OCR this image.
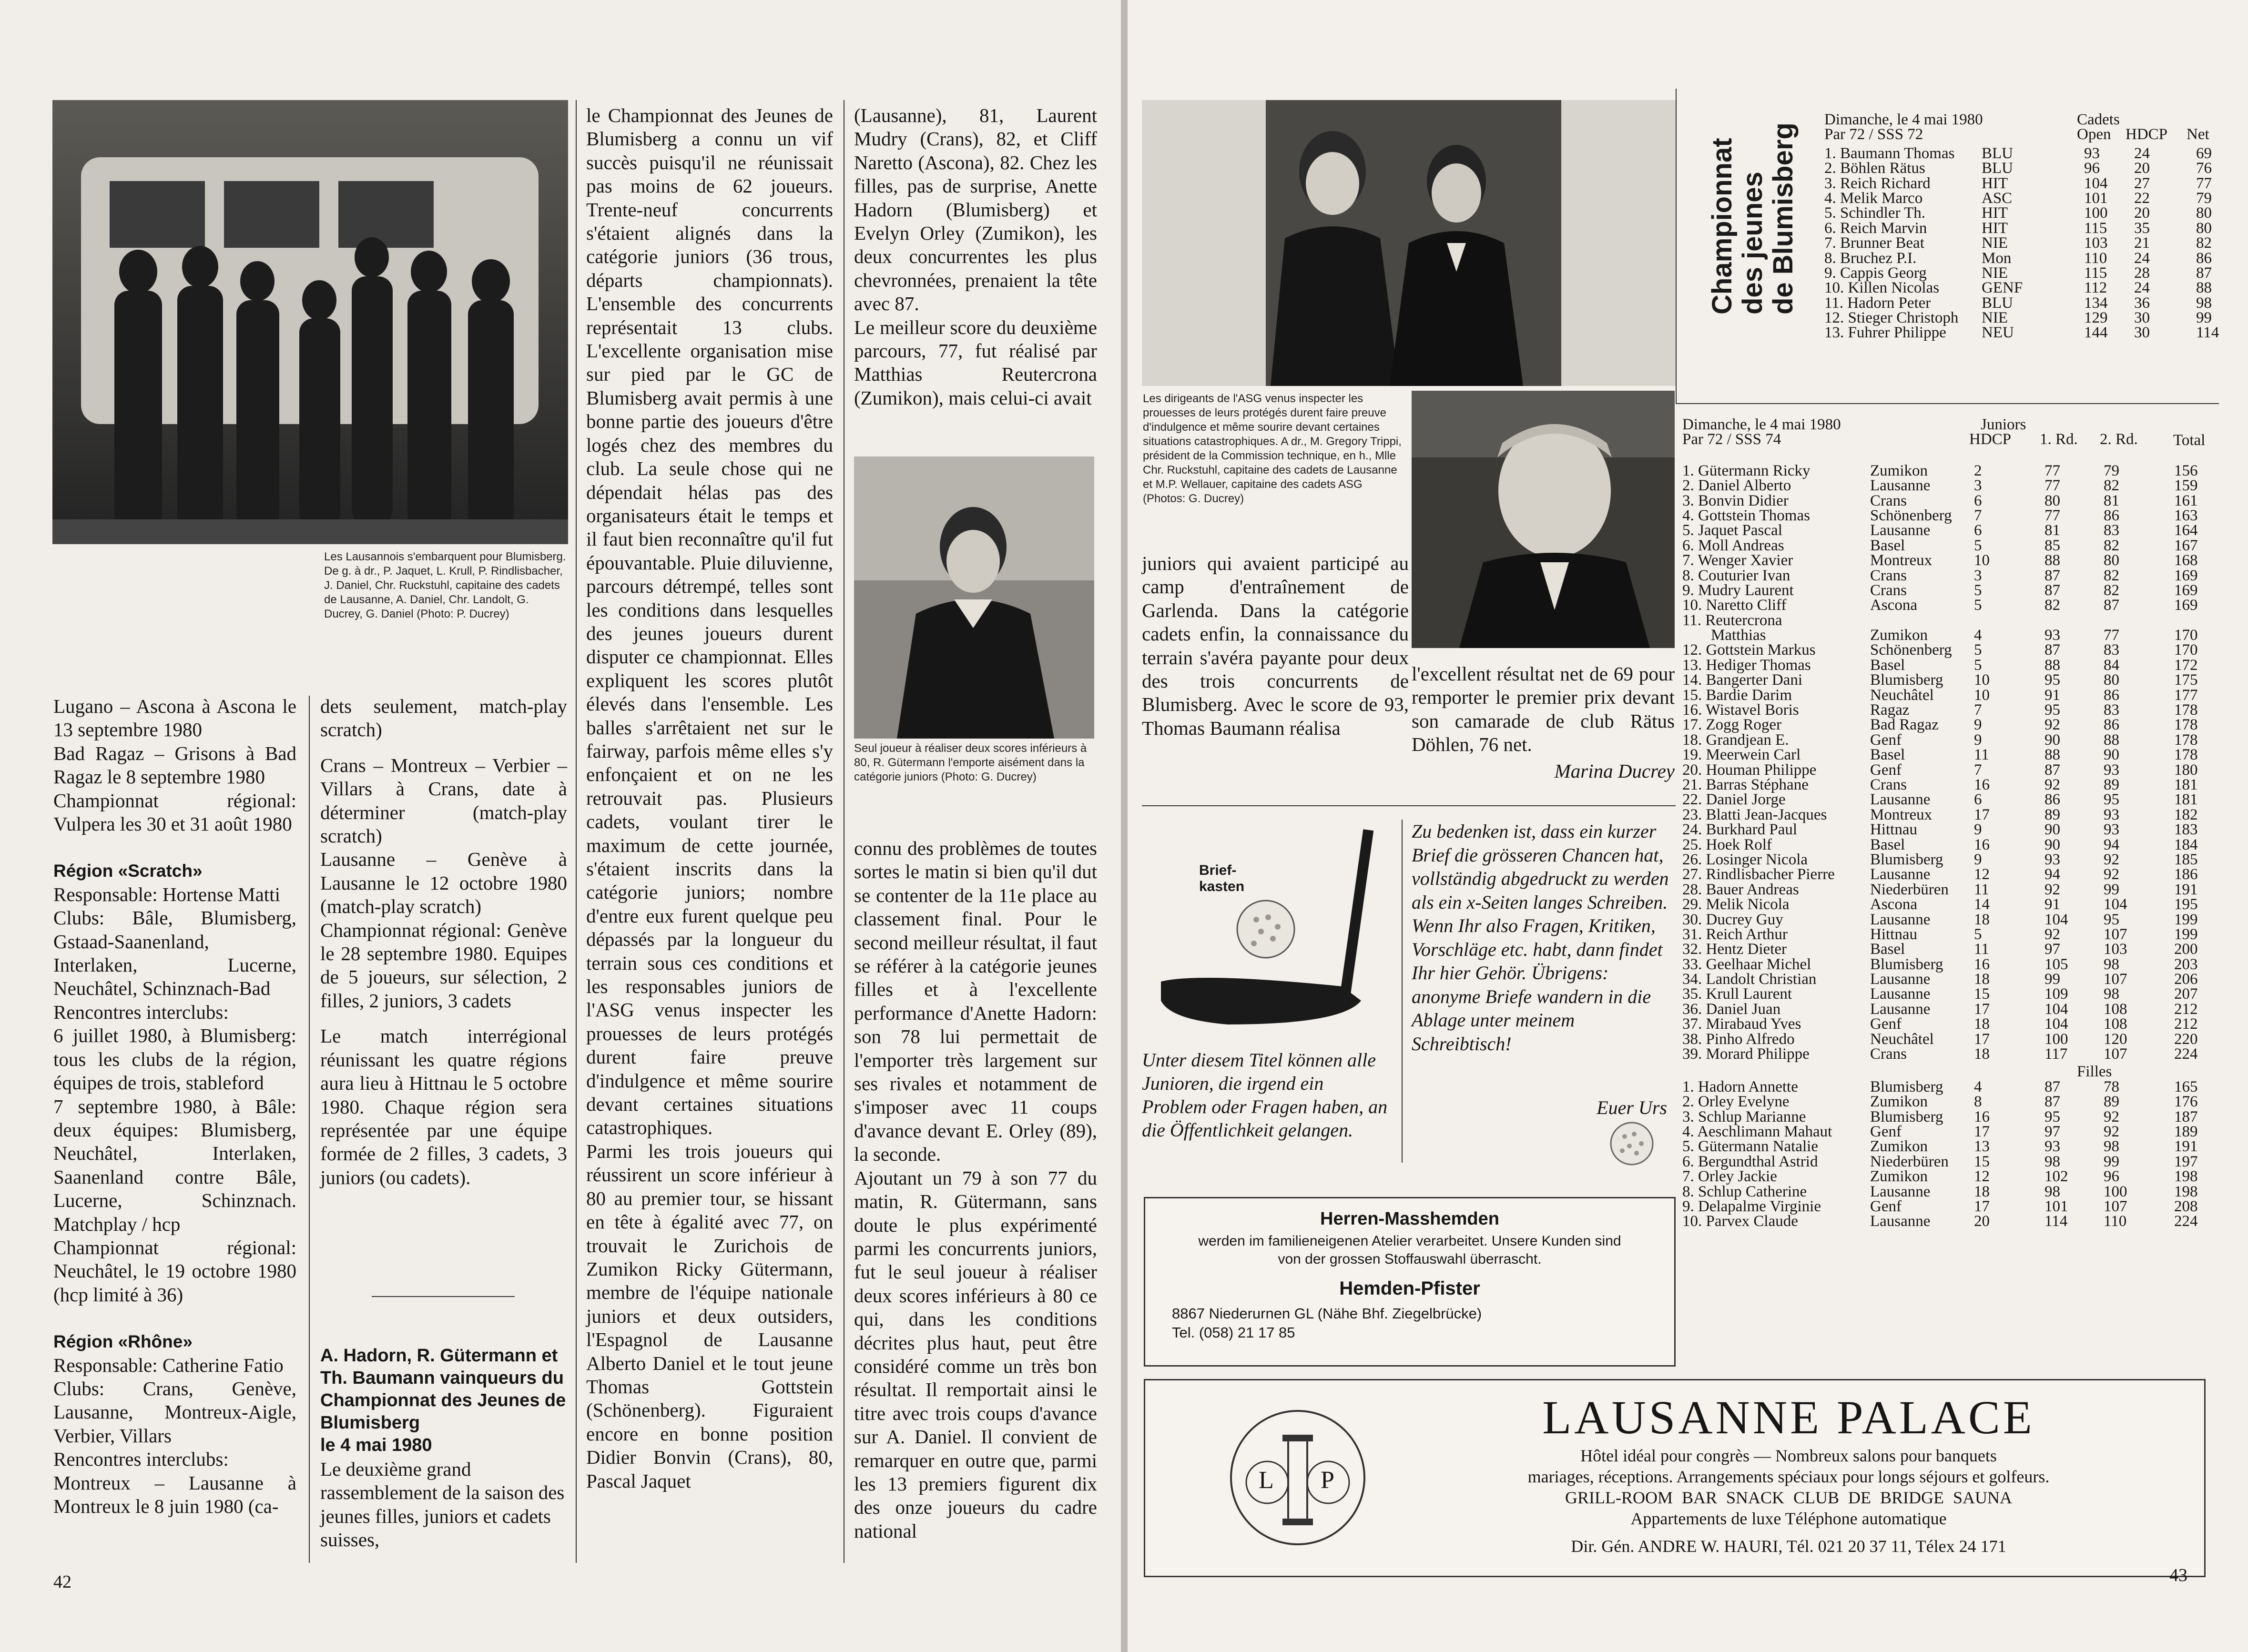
Les Lausannois s'embarquent pour Blumisberg. De g. à dr., P. Jaquet, L. Krull, P. Rindlisbacher, J. Daniel, Chr. Ruckstuhl, capitaine des cadets de Lausanne, A. Daniel, Chr. Landolt, G. Ducrey, G. Daniel (Photo: P. Ducrey)

Lugano – Ascona à Ascona le 13 septembre 1980

Bad Ragaz – Grisons à Bad Ragaz le 8 septembre 1980

Championnat régional: Vulpera les 30 et 31 août 1980

Région «Scratch»

Responsable: Hortense Matti

Clubs: Bâle, Blumisberg, Gstaad-Saanenland, Interlaken, Lucerne, Neuchâtel, Schinznach-Bad

Rencontres interclubs:

6 juillet 1980, à Blumisberg: tous les clubs de la région, équipes de trois, stableford

7 septembre 1980, à Bâle: deux équipes: Blumisberg, Neuchâtel, Interlaken, Saanenland contre Bâle, Lucerne, Schinznach. Matchplay / hcp

Championnat régional: Neuchâtel, le 19 octobre 1980 (hcp limité à 36)

Région «Rhône»

Responsable: Catherine Fatio

Clubs: Crans, Genève, Lausanne, Montreux-Aigle, Verbier, Villars

Rencontres interclubs:

Montreux – Lausanne à Montreux le 8 juin 1980 (ca-

dets seulement, match-play scratch)

Crans – Montreux – Verbier – Villars à Crans, date à déterminer (match-play scratch)

Lausanne – Genève à Lausanne le 12 octobre 1980 (match-play scratch)

Championnat régional: Genève le 28 septembre 1980. Equipes de 5 joueurs, sur sélection, 2 filles, 2 juniors, 3 cadets

Le match interrégional réunissant les quatre régions aura lieu à Hittnau le 5 octobre 1980. Chaque région sera représentée par une équipe formée de 2 filles, 3 cadets, 3 juniors (ou cadets).

A. Hadorn, R. Gütermann et Th. Baumann vainqueurs du Championnat des Jeunes de Blumisberg

le 4 mai 1980

Le deuxième grand rassemblement de la saison des jeunes filles, juniors et cadets suisses,

le Championnat des Jeunes de Blumisberg a connu un vif succès puisqu'il ne réunissait pas moins de 62 joueurs. Trente-neuf concurrents s'étaient alignés dans la catégorie juniors (36 trous, départs championnats). L'ensemble des concurrents représentait 13 clubs. L'excellente organisation mise sur pied par le GC de Blumisberg avait permis à une bonne partie des joueurs d'être logés chez des membres du club. La seule chose qui ne dépendait hélas pas des organisateurs était le temps et il faut bien reconnaître qu'il fut épouvantable. Pluie diluvienne, parcours détrempé, telles sont les conditions dans lesquelles des jeunes joueurs durent disputer ce championnat. Elles expliquent les scores plutôt élevés dans l'ensemble. Les balles s'arrêtaient net sur le fairway, parfois même elles s'y enfonçaient et on ne les retrouvait pas. Plusieurs cadets, voulant tirer le maximum de cette journée, s'étaient inscrits dans la catégorie juniors; nombre d'entre eux furent quelque peu dépassés par la longueur du terrain sous ces conditions et les responsables juniors de l'ASG venus inspecter les prouesses de leurs protégés durent faire preuve d'indulgence et même sourire devant certaines situations catastrophiques.

Parmi les trois joueurs qui réussirent un score inférieur à 80 au premier tour, se hissant en tête à égalité avec 77, on trouvait le Zurichois de Zumikon Ricky Gütermann, membre de l'équipe nationale juniors et deux outsiders, l'Espagnol de Lausanne Alberto Daniel et le tout jeune Thomas Gottstein (Schönenberg). Figuraient encore en bonne position Didier Bonvin (Crans), 80, Pascal Jaquet

(Lausanne), 81, Laurent Mudry (Crans), 82, et Cliff Naretto (Ascona), 82. Chez les filles, pas de surprise, Anette Hadorn (Blumisberg) et Evelyn Orley (Zumikon), les deux concurrentes les plus chevronnées, prenaient la tête avec 87.

Le meilleur score du deuxième parcours, 77, fut réalisé par Matthias Reutercrona (Zumikon), mais celui-ci avait

Seul joueur à réaliser deux scores inférieurs à 80, R. Gütermann l'emporte aisément dans la catégorie juniors (Photo: G. Ducrey)

connu des problèmes de toutes sortes le matin si bien qu'il dut se contenter de la 11e place au classement final. Pour le second meilleur résultat, il faut se référer à la catégorie jeunes filles et à l'excellente performance d'Anette Hadorn: son 78 lui permettait de l'emporter très largement sur ses rivales et notamment de s'imposer avec 11 coups d'avance devant E. Orley (89), la seconde.

Ajoutant un 79 à son 77 du matin, R. Gütermann, sans doute le plus expérimenté parmi les concurrents juniors, fut le seul joueur à réaliser deux scores inférieurs à 80 ce qui, dans les conditions décrites plus haut, peut être considéré comme un très bon résultat. Il remportait ainsi le titre avec trois coups d'avance sur A. Daniel. Il convient de remarquer en outre que, parmi les 13 premiers figurent dix des onze joueurs du cadre national

42
Les dirigeants de l'ASG venus inspecter les prouesses de leurs protégés durent faire preuve d'indulgence et même sourire devant certaines situations catastrophiques. A dr., M. Gregory Trippi, président de la Commission technique, en h., Mlle Chr. Ruckstuhl, capitaine des cadets de Lausanne et M.P. Wellauer, capitaine des cadets ASG (Photos: G. Ducrey)

juniors qui avaient participé au camp d'entraînement de Garlenda. Dans la catégorie cadets enfin, la connaissance du terrain s'avéra payante pour deux des trois concurrents de Blumisberg. Avec le score de 93, Thomas Baumann réalisa

l'excellent résultat net de 69 pour remporter le premier prix devant son camarade de club Rätus Döhlen, 76 net.

Marina Ducrey

Brief-kasten
Unter diesem Titel können alle Junioren, die irgend ein Problem oder Fragen haben, an die Öffentlichkeit gelangen.
Zu bedenken ist, dass ein kurzer Brief die grösseren Chancen hat, vollständig abgedruckt zu werden als ein x-Seiten langes Schreiben. Wenn Ihr also Fragen, Kritiken, Vorschläge etc. habt, dann findet Ihr hier Gehör. Übrigens: anonyme Briefe wandern in die Ablage unter meinem Schreibtisch!
Euer Urs
Herren-Masshemden
werden im familieneigenen Atelier verarbeitet. Unsere Kunden sind von der grossen Stoffauswahl überrascht.
Hemden-Pfister
8867 Niederurnen GL (Nähe Bhf. Ziegelbrücke)
Tel. (058) 21 17 85
L P
LAUSANNE PALACE
Hôtel idéal pour congrès — Nombreux salons pour banquets
mariages, réceptions. Arrangements spéciaux pour longs séjours et golfeurs.
GRILL-ROOM BAR SNACK CLUB DE BRIDGE SAUNA
Appartements de luxe Téléphone automatique
Dir. Gén. ANDRE W. HAURI, Tél. 021 20 37 11, Télex 24 171
Championnat des jeunes de Blumisberg
Dimanche, le 4 mai 1980	Cadets
Par 72 / SSS 72	Open HDCP Net
1. Baumann Thomas BLU	93 24	69
2. Böhlen Rätus	BLU	96 20	76
3. Reich Richard	HIT	104 27	77
4. Melik Marco	ASC	101 22	79
5. Schindler Th.	HIT	100 20	80
6. Reich Marvin	HIT	115 35	80
7. Brunner Beat	NIE	103 21	82
8. Bruchez P.I.	Mon	110 24	86
9. Cappis Georg	NIE	115 28	87
10. Killen Nicolas	GENF	112 24	88
11. Hadorn Peter	BLU	134 36	98
12. Stieger Christoph NIE	129 30	99
13. Fuhrer Philippe NEU	144 30	114
Dimanche, le 4 mai 1980	Juniors
Par 72 / SSS 74	HDCP 1. Rd. 2. Rd. Total
1. Gütermann Ricky	Zumikon	2	77	79	156
2. Daniel Alberto	Lausanne	3	77	82	159
3. Bonvin Didier	Crans	6	80	81	161
4. Gottstein Thomas	Schönenberg 7	77	86	163
5. Jaquet Pascal	Lausanne	6	81	83	164
6. Moll Andreas	Basel	5	85	82	167
7. Wenger Xavier	Montreux	10	88	80	168
8. Couturier Ivan	Crans	3	87	82	169
9. Mudry Laurent	Crans	5	87	82	169
10. Naretto Cliff	Ascona	5	82	87	169
11. Reutercrona
Matthias	Zumikon	4	93	77	170
12. Gottstein Markus	Schönenberg 5	87	83	170
13. Hediger Thomas	Basel	5	88	84	172
14. Bangerter Dani	Blumisberg 10	95	80	175
15. Bardie Darim	Neuchâtel	10	91	86	177
16. Wistavel Boris	Ragaz	7	95	83	178
17. Zogg Roger	Bad Ragaz 9	92	86	178
18. Grandjean E.	Genf	9	90	88	178
19. Meerwein Carl	Basel	11	88	90	178
20. Houman Philippe	Genf	7	87	93	180
21. Barras Stéphane	Crans	16	92	89	181
22. Daniel Jorge	Lausanne	6	86	95	181
23. Blatti Jean-Jacques	Montreux	17	89	93	182
24. Burkhard Paul	Hittnau	9	90	93	183
25. Hoek Rolf	Basel	16	90	94	184
26. Losinger Nicola	Blumisberg 9	93	92	185
27. Rindlisbacher Pierre Lausanne	12	94	92	186
28. Bauer Andreas	Niederbüren 11	92	99	191
29. Melik Nicola	Ascona	14	91	104	195
30. Ducrey Guy	Lausanne	18	104 95	199
31. Reich Arthur	Hittnau	5	92	107	199
32. Hentz Dieter	Basel	11	97	103	200
33. Geelhaar Michel	Blumisberg 16	105 98	203
34. Landolt Christian	Lausanne	18	99	107	206
35. Krull Laurent	Lausanne	15	109 98	207
36. Daniel Juan	Lausanne	17	104 108	212
37. Mirabaud Yves	Genf	18	104 108	212
38. Pinho Alfredo	Neuchâtel	17	100 120	220
39. Morard Philippe	Crans	18	117 107	224
Filles
1. Hadorn Annette	Blumisberg 4	87	78	165
2. Orley Evelyne	Zumikon	8	87	89	176
3. Schlup Marianne	Blumisberg 16	95	92	187
4. Aeschlimann Mahaut Genf	17	97	92	189
5. Gütermann Natalie	Zumikon	13	93	98	191
6. Bergundthal Astrid	Niederbüren 15	98	99	197
7. Orley Jackie	Zumikon	12	102 96	198
8. Schlup Catherine	Lausanne	18	98	100	198
9. Delapalme Virginie	Genf	17	101 107	208
10. Parvex Claude	Lausanne	20	114 110	224
43
